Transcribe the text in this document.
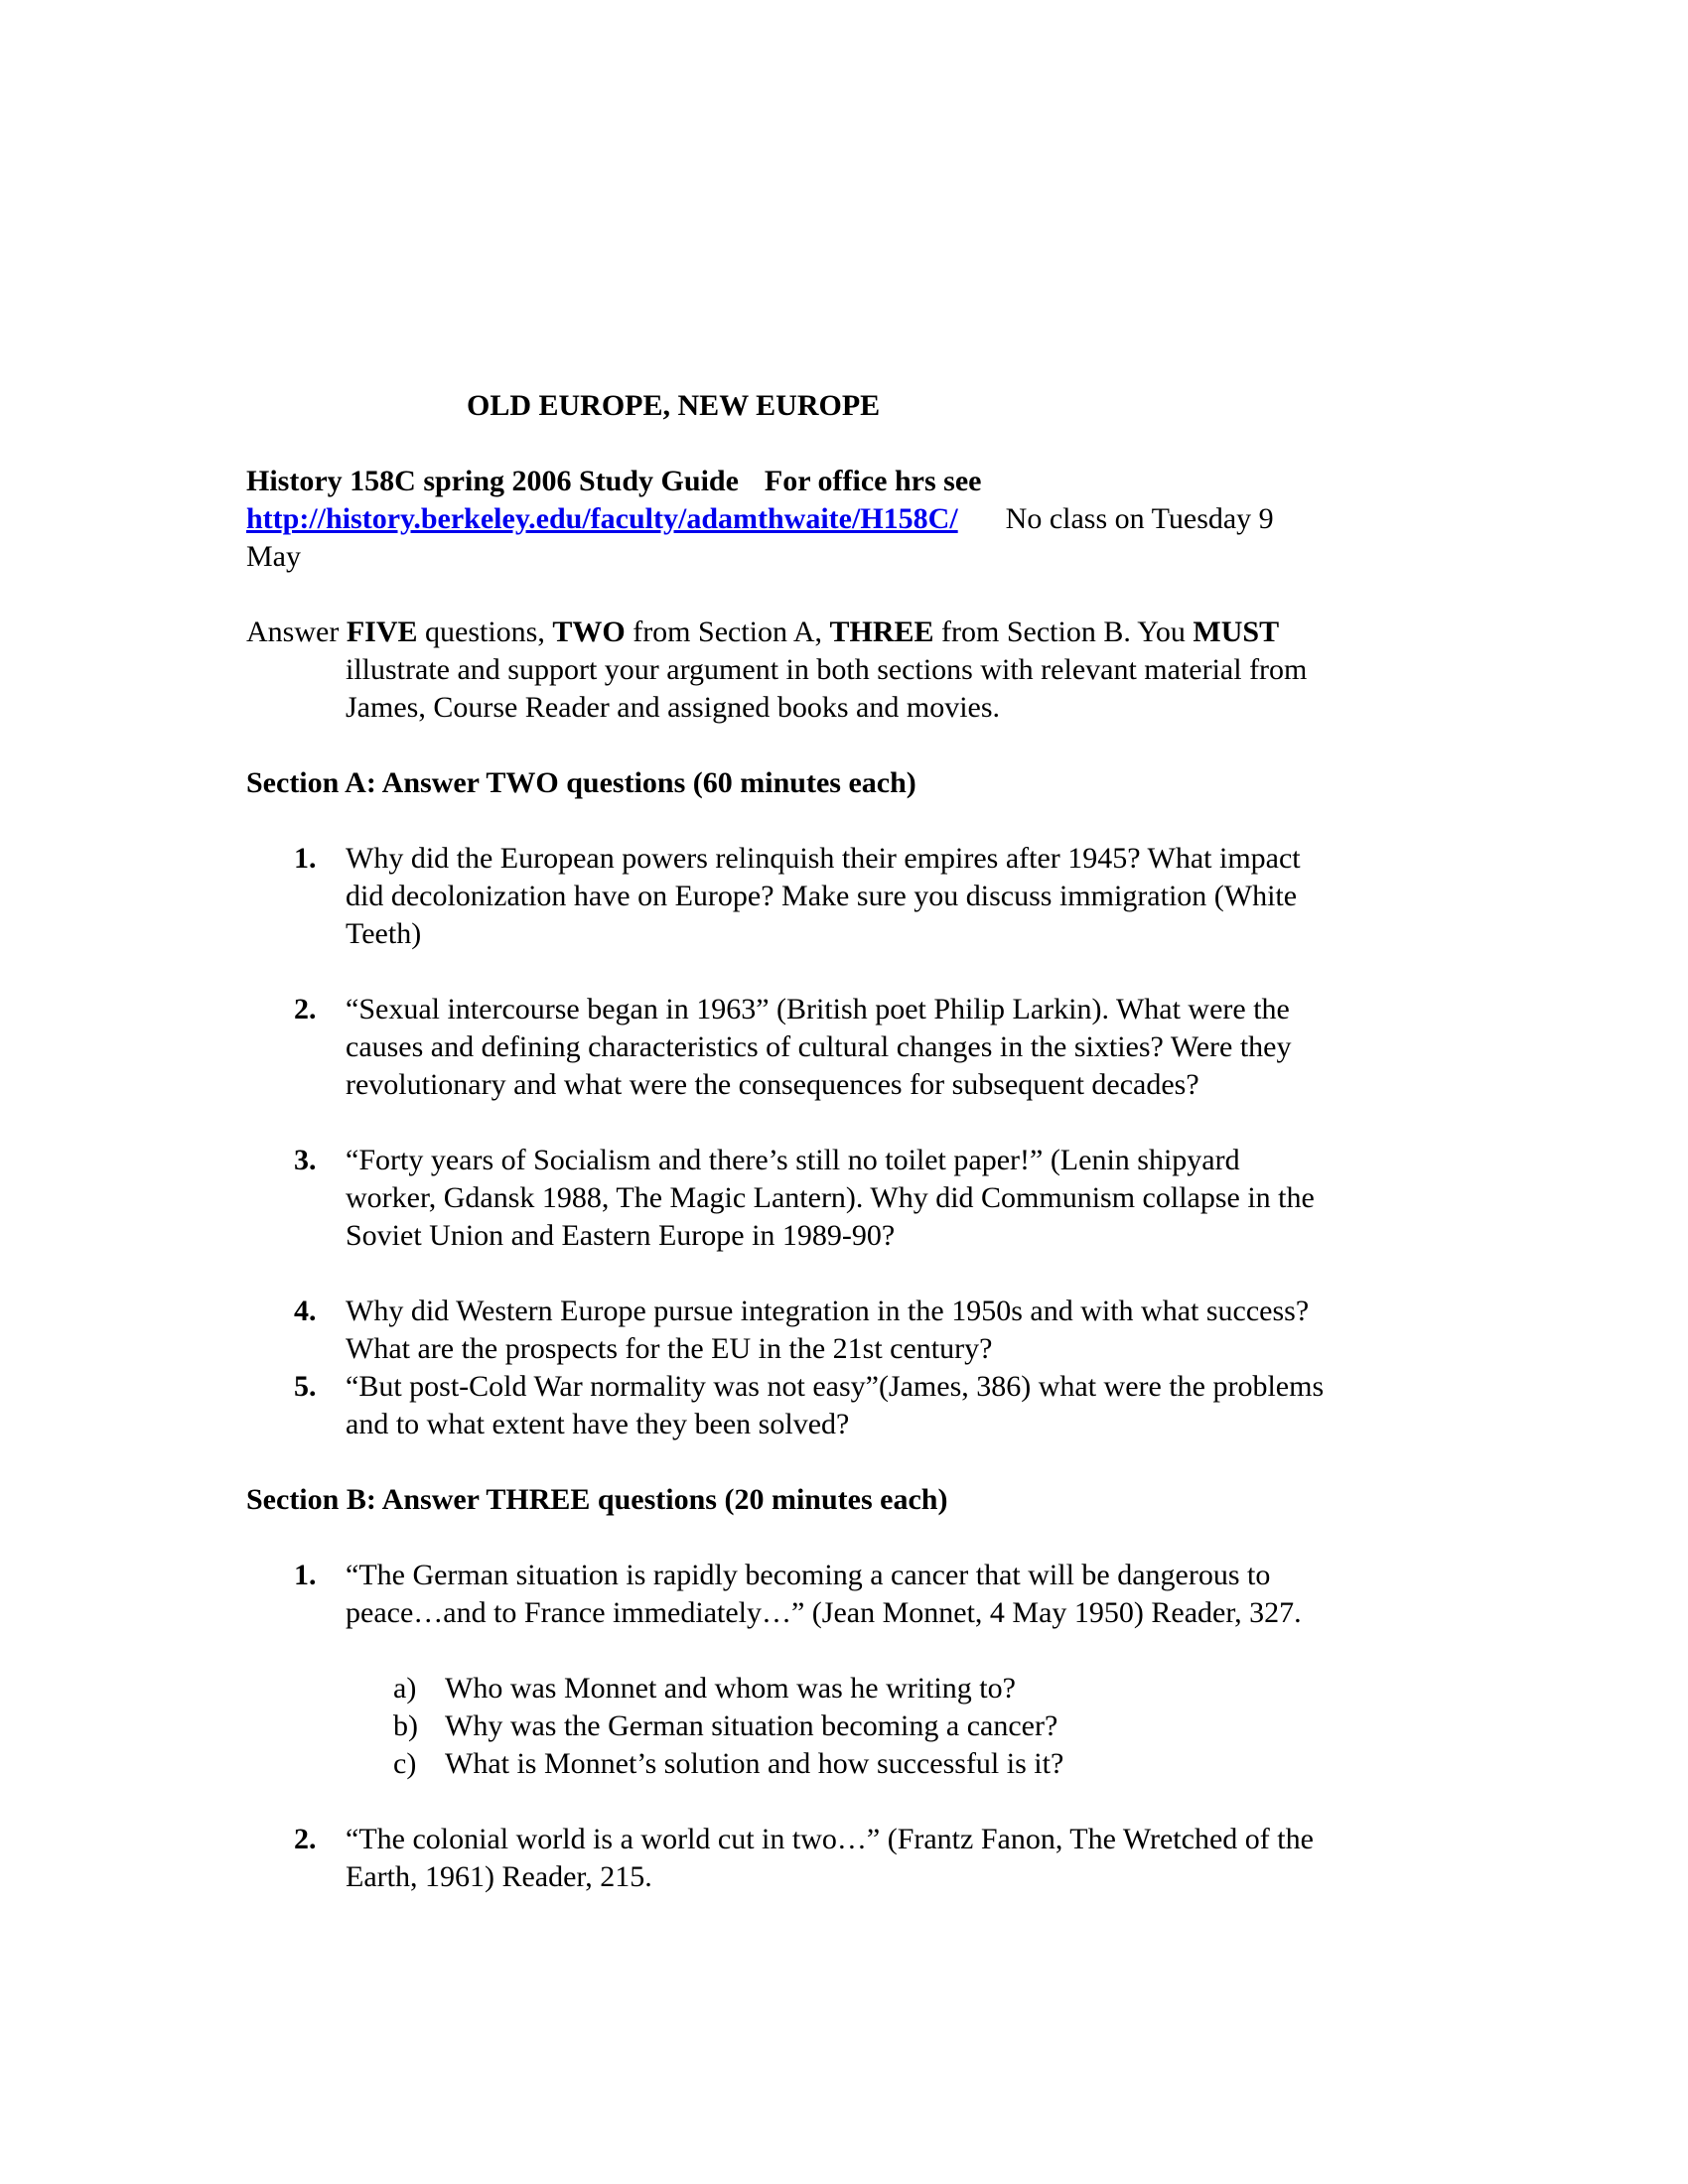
OLD EUROPE, NEW EUROPE
History 158C spring 2006 Study Guide For office hrs see
http://history.berkeley.edu/faculty/adamthwaite/H158C/ No class on Tuesday 9
May
Answer FIVE questions, TWO from Section A, THREE from Section B. You MUST
illustrate and support your argument in both sections with relevant material from
James, Course Reader and assigned books and movies.
Section A: Answer TWO questions (60 minutes each)
1. Why did the European powers relinquish their empires after 1945? What impact
did decolonization have on Europe? Make sure you discuss immigration (White
Teeth)
2. “Sexual intercourse began in 1963” (British poet Philip Larkin). What were the
causes and defining characteristics of cultural changes in the sixties? Were they
revolutionary and what were the consequences for subsequent decades?
3. “Forty years of Socialism and there’s still no toilet paper!” (Lenin shipyard
worker, Gdansk 1988, The Magic Lantern). Why did Communism collapse in the
Soviet Union and Eastern Europe in 1989-90?
4. Why did Western Europe pursue integration in the 1950s and with what success?
What are the prospects for the EU in the 21st century?
5. “But post-Cold War normality was not easy”(James, 386) what were the problems
and to what extent have they been solved?
Section B: Answer THREE questions (20 minutes each)
1. “The German situation is rapidly becoming a cancer that will be dangerous to
peace…and to France immediately…” (Jean Monnet, 4 May 1950) Reader, 327.
a) Who was Monnet and whom was he writing to?
b) Why was the German situation becoming a cancer?
c) What is Monnet’s solution and how successful is it?
2. “The colonial world is a world cut in two…” (Frantz Fanon, The Wretched of the
Earth, 1961) Reader, 215.
